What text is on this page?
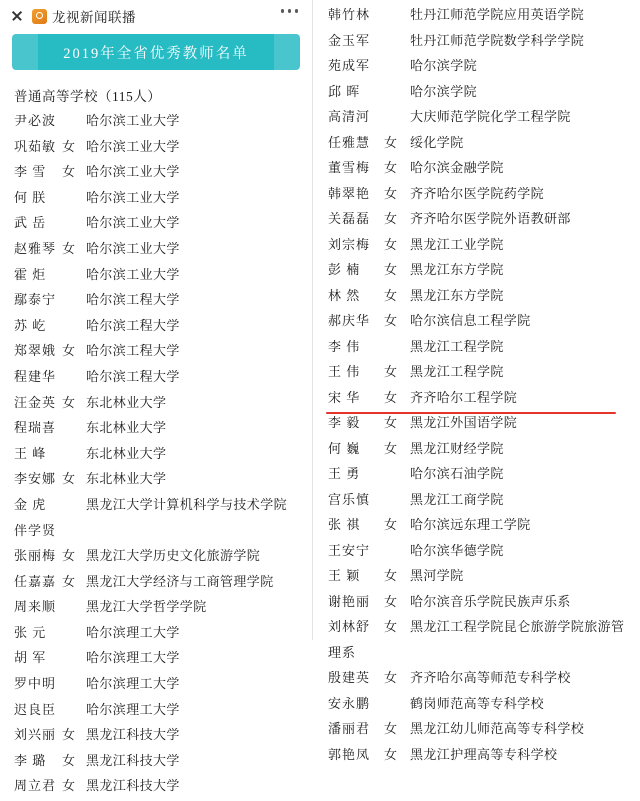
龙视新闻联播
2019年全省优秀教师名单
普通高等学校（115人）
尹必波	哈尔滨工业大学
巩茹敏 女 哈尔滨工业大学
李 雪	女 哈尔滨工业大学
何 朕	哈尔滨工业大学
武 岳	哈尔滨工业大学
赵雅琴 女 哈尔滨工业大学
霍 炬	哈尔滨工业大学
鄢泰宁	哈尔滨工程大学
苏 屹	哈尔滨工程大学
郑翠娥 女 哈尔滨工程大学
程建华	哈尔滨工程大学
汪金英 女 东北林业大学
程瑞喜	东北林业大学
王 峰	东北林业大学
李安娜 女 东北林业大学
金 虎	黑龙江大学计算机科学与技术学院
伴学贤
张丽梅 女 黑龙江大学历史文化旅游学院
任嘉嘉 女 黑龙江大学经济与工商管理学院
周来顺	黑龙江大学哲学学院
张 元	哈尔滨理工大学
胡 军	哈尔滨理工大学
罗中明	哈尔滨理工大学
迟良臣	哈尔滨理工大学
刘兴丽 女 黑龙江科技大学
李 璐	女 黑龙江科技大学
周立君 女 黑龙江科技大学
韩竹林	牡丹江师范学院应用英语学院
金玉军	牡丹江师范学院数学科学学院
苑成军	哈尔滨学院
邱 晖	哈尔滨学院
高清河	大庆师范学院化学工程学院
任雅慧	女 绥化学院
董雪梅	女 哈尔滨金融学院
韩翠艳	女 齐齐哈尔医学院药学院
关磊磊	女 齐齐哈尔医学院外语教研部
刘宗梅	女 黑龙江工业学院
彭 楠	女 黑龙江东方学院
林 然	女 黑龙江东方学院
郝庆华	女 哈尔滨信息工程学院
李 伟	黑龙江工程学院
王 伟	女 黑龙江工程学院
宋 华	女 齐齐哈尔工程学院
李 毅	女 黑龙江外国语学院
何 巍	女 黑龙江财经学院
王 勇	哈尔滨石油学院
宫乐慎	黑龙江工商学院
张 祺	女 哈尔滨远东理工学院
王安宁	哈尔滨华德学院
王 颖	女 黑河学院
谢艳丽	女 哈尔滨音乐学院民族声乐系
刘林舒	女 黑龙江工程学院昆仑旅游学院旅游管
理系
殷建英	女 齐齐哈尔高等师范专科学校
安永鹏	鹤岗师范高等专科学校
潘丽君	女 黑龙江幼儿师范高等专科学校
郭艳凤	女 黑龙江护理高等专科学校
